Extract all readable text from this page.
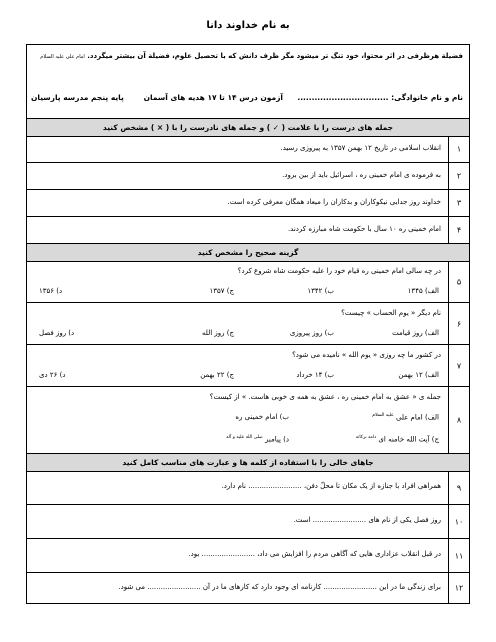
به نام خداوند دانا
فضیلة هرظرفی در اثر محتوا، خود تنگ تر میشود مگر ظرف دانش که با تحصیل علوم، فضیلة آن بیشتر میگردد. امام علی علیه السلام
نام و نام خانوادگی: ................................
آزمون درس ۱۴ تا ۱۷ هدیه های آسمان
پایه پنجم مدرسه پارسیان
جمله های درست را با علامت ( ✓ ) و جمله های نادرست را با ( × ) مشخص کنید
۱
انقلاب اسلامی در تاریخ ۱۲ بهمن ۱۳۵۷ به پیروزی رسید.
۲
به فرموده ی امام خمینی ره ، اسرائیل باید از بین برود.
۳
خداوند روز جدایی نیکوکاران و بدکاران را میعاد همگان معرفی کرده است.
۴
امام خمینی ره ۱۰ سال با حکومت شاه مبارزه کردند.
گزینه صحیح را مشخص کنید
۵
در چه سالی امام خمینی ره قیام خود را علیه حکومت شاه شروع کرد؟
الف) ۱۳۴۵
ب) ۱۳۴۲
ج) ۱۳۵۷
د) ۱۳۵۶
۶
نام دیگر « یوم الحساب » چیست؟
الف) روز قیامت
ب) روز پیروزی
ج) روز الله
د) روز فصل
۷
در کشور ما چه روزی « یوم الله » نامیده می شود؟
الف) ۱۲ بهمن
ب) ۱۴ خرداد
ج) ۲۲ بهمن
د) ۲۶ دی
۸
جمله ی « عشق به امام خمینی ره ، عشق به همه ی خوبی هاست. » از کیست؟
الف) امام علی $^{علیه السلام}$
ب) امام خمینی ره
ج) آیت الله خامنه ای $^{دامه برکاته}$
د) پیامبر $^{صلی الله علیه و آله}$
جاهای خالی را با استفاده از کلمه ها و عبارت های مناسب کامل کنید
۹
همراهی افراد با جنازه از یک مکان تا محلّ دفن، ........................ نام دارد.
۱۰
روز فصل یکی از نام های ........................ است.
۱۱
در قبل انقلاب عزاداری هایی که آگاهی مردم را افزایش می داد، ........................ بود.
۱۲
برای زندگی ما در این ........................ کارنامه ای وجود دارد که کارهای ما در آن ........................ می شود.
